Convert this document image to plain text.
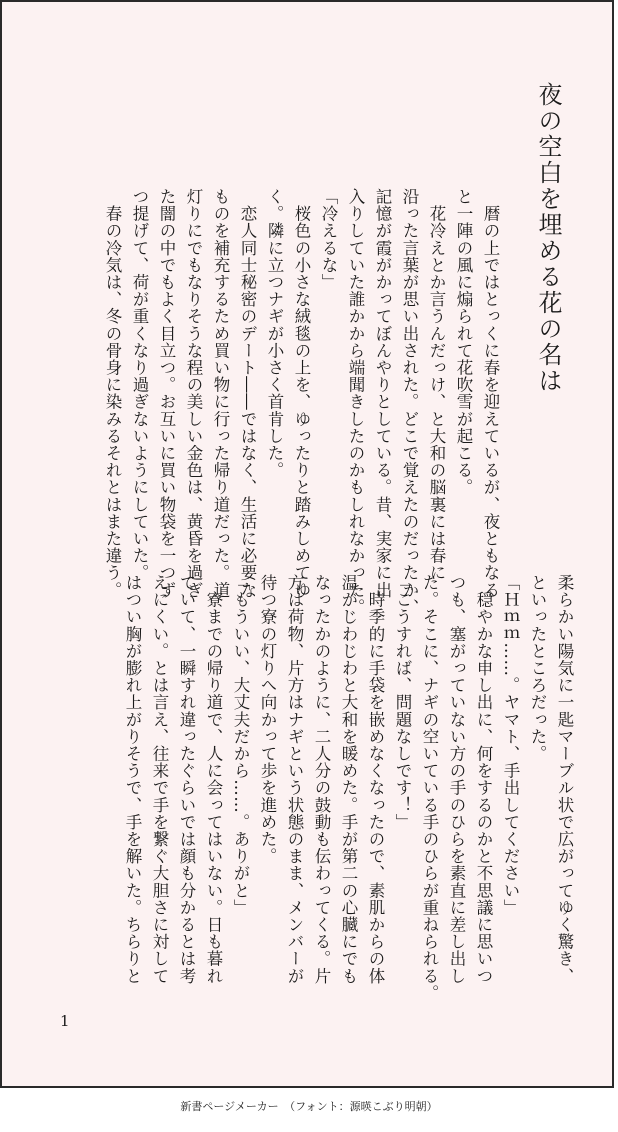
夜の空白を埋める花の名は
　暦の上ではとっくに春を迎えているが、夜ともなる
と一陣の風に煽られて花吹雪が起こる。
　花冷えとか言うんだっけ、と大和の脳裏には春に
沿った言葉が思い出された。どこで覚えたのだったか、
記憶が霞がかってぼんやりとしている。昔、実家に出
入りしていた誰かから端聞きしたのかもしれなかった。
「冷えるな」
　桜色の小さな絨毯の上を、ゆったりと踏みしめてゆ
く。隣に立つナギが小さく首肯した。
　恋人同士秘密のデート――ではなく、生活に必要な
ものを補充するため買い物に行った帰り道だった。道
灯りにでもなりそうな程の美しい金色は、黄昏を過ぎ
た闇の中でもよく目立つ。お互いに買い物袋を一つず
つ提げて、荷が重くなり過ぎないようにしていた。
　春の冷気は、冬の骨身に染みるそれとはまた違う。
柔らかい陽気に一匙マーブル状で広がってゆく驚き、
といったところだった。
「Ｈｍｍ……。ヤマト、手出してください」
　穏やかな申し出に、何をするのかと不思議に思いつ
つも、塞がっていない方の手のひらを素直に差し出し
た。そこに、ナギの空いている手のひらが重ねられる。
「こうすれば、問題なしです！」
　時季的に手袋を嵌めなくなったので、素肌からの体
温がじわじわと大和を暖めた。手が第二の心臓にでも
なったかのように、二人分の鼓動も伝わってくる。片
方は荷物、片方はナギという状態のまま、メンバーが
待つ寮の灯りへ向かって歩を進めた。
「もういい、大丈夫だから……。ありがと」
　寮までの帰り道で、人に会ってはいない。日も暮れ
ていて、一瞬すれ違ったぐらいでは顔も分かるとは考
えにくい。とは言え、往来で手を繋ぐ大胆さに対して
はつい胸が膨れ上がりそうで、手を解いた。ちらりと
1
新書ページメーカー　（フォント：源暎こぶり明朝）
